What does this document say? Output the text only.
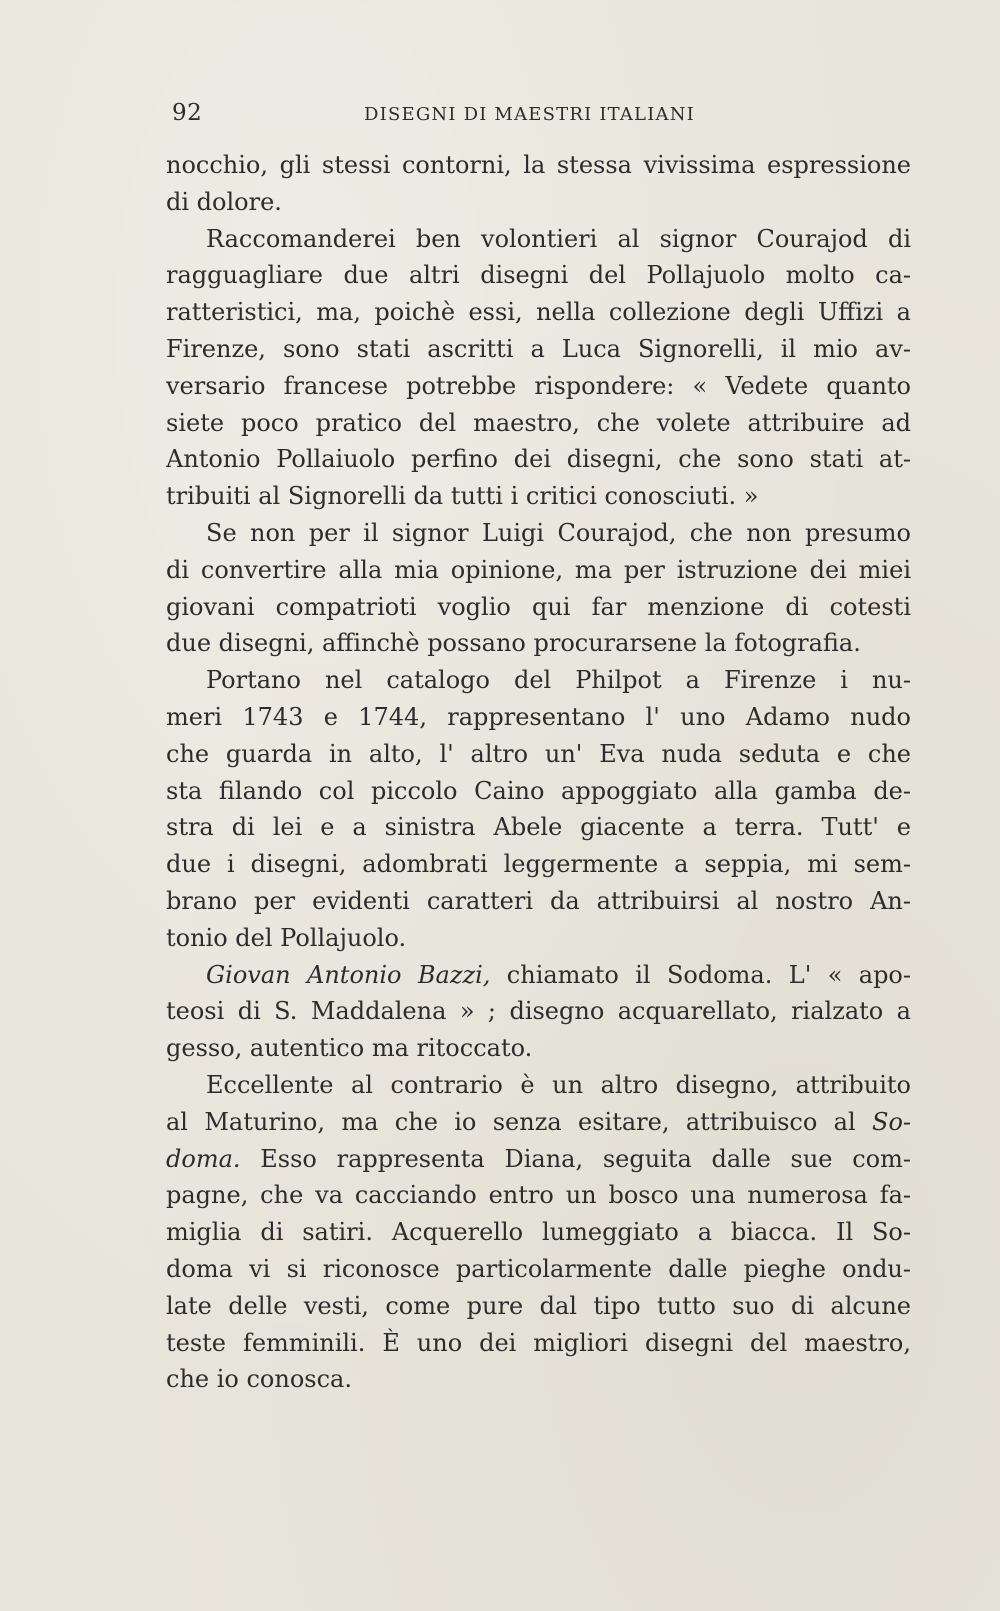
92	DISEGNI DI MAESTRI ITALIANI
nocchio, gli stessi contorni, la stessa vivissima espressione
di dolore.
Raccomanderei ben volontieri al signor Courajod di
ragguagliare due altri disegni del Pollajuolo molto ca-
ratteristici, ma, poichè essi, nella collezione degli Uffizi a
Firenze, sono stati ascritti a Luca Signorelli, il mio av-
versario francese potrebbe rispondere: « Vedete quanto
siete poco pratico del maestro, che volete attribuire ad
Antonio Pollaiuolo perfino dei disegni, che sono stati at-
tribuiti al Signorelli da tutti i critici conosciuti. »
Se non per il signor Luigi Courajod, che non presumo
di convertire alla mia opinione, ma per istruzione dei miei
giovani compatrioti voglio qui far menzione di cotesti
due disegni, affinchè possano procurarsene la fotografia.
Portano nel catalogo del Philpot a Firenze i nu-
meri 1743 e 1744, rappresentano l' uno Adamo nudo
che guarda in alto, l' altro un' Eva nuda seduta e che
sta filando col piccolo Caino appoggiato alla gamba de-
stra di lei e a sinistra Abele giacente a terra. Tutt' e
due i disegni, adombrati leggermente a seppia, mi sem-
brano per evidenti caratteri da attribuirsi al nostro An-
tonio del Pollajuolo.
Giovan Antonio Bazzi, chiamato il Sodoma. L' « apo-
teosi di S. Maddalena » ; disegno acquarellato, rialzato a
gesso, autentico ma ritoccato.
Eccellente al contrario è un altro disegno, attribuito
al Maturino, ma che io senza esitare, attribuisco al So-
doma. Esso rappresenta Diana, seguita dalle sue com-
pagne, che va cacciando entro un bosco una numerosa fa-
miglia di satiri. Acquerello lumeggiato a biacca. Il So-
doma vi si riconosce particolarmente dalle pieghe ondu-
late delle vesti, come pure dal tipo tutto suo di alcune
teste femminili. È uno dei migliori disegni del maestro,
che io conosca.
